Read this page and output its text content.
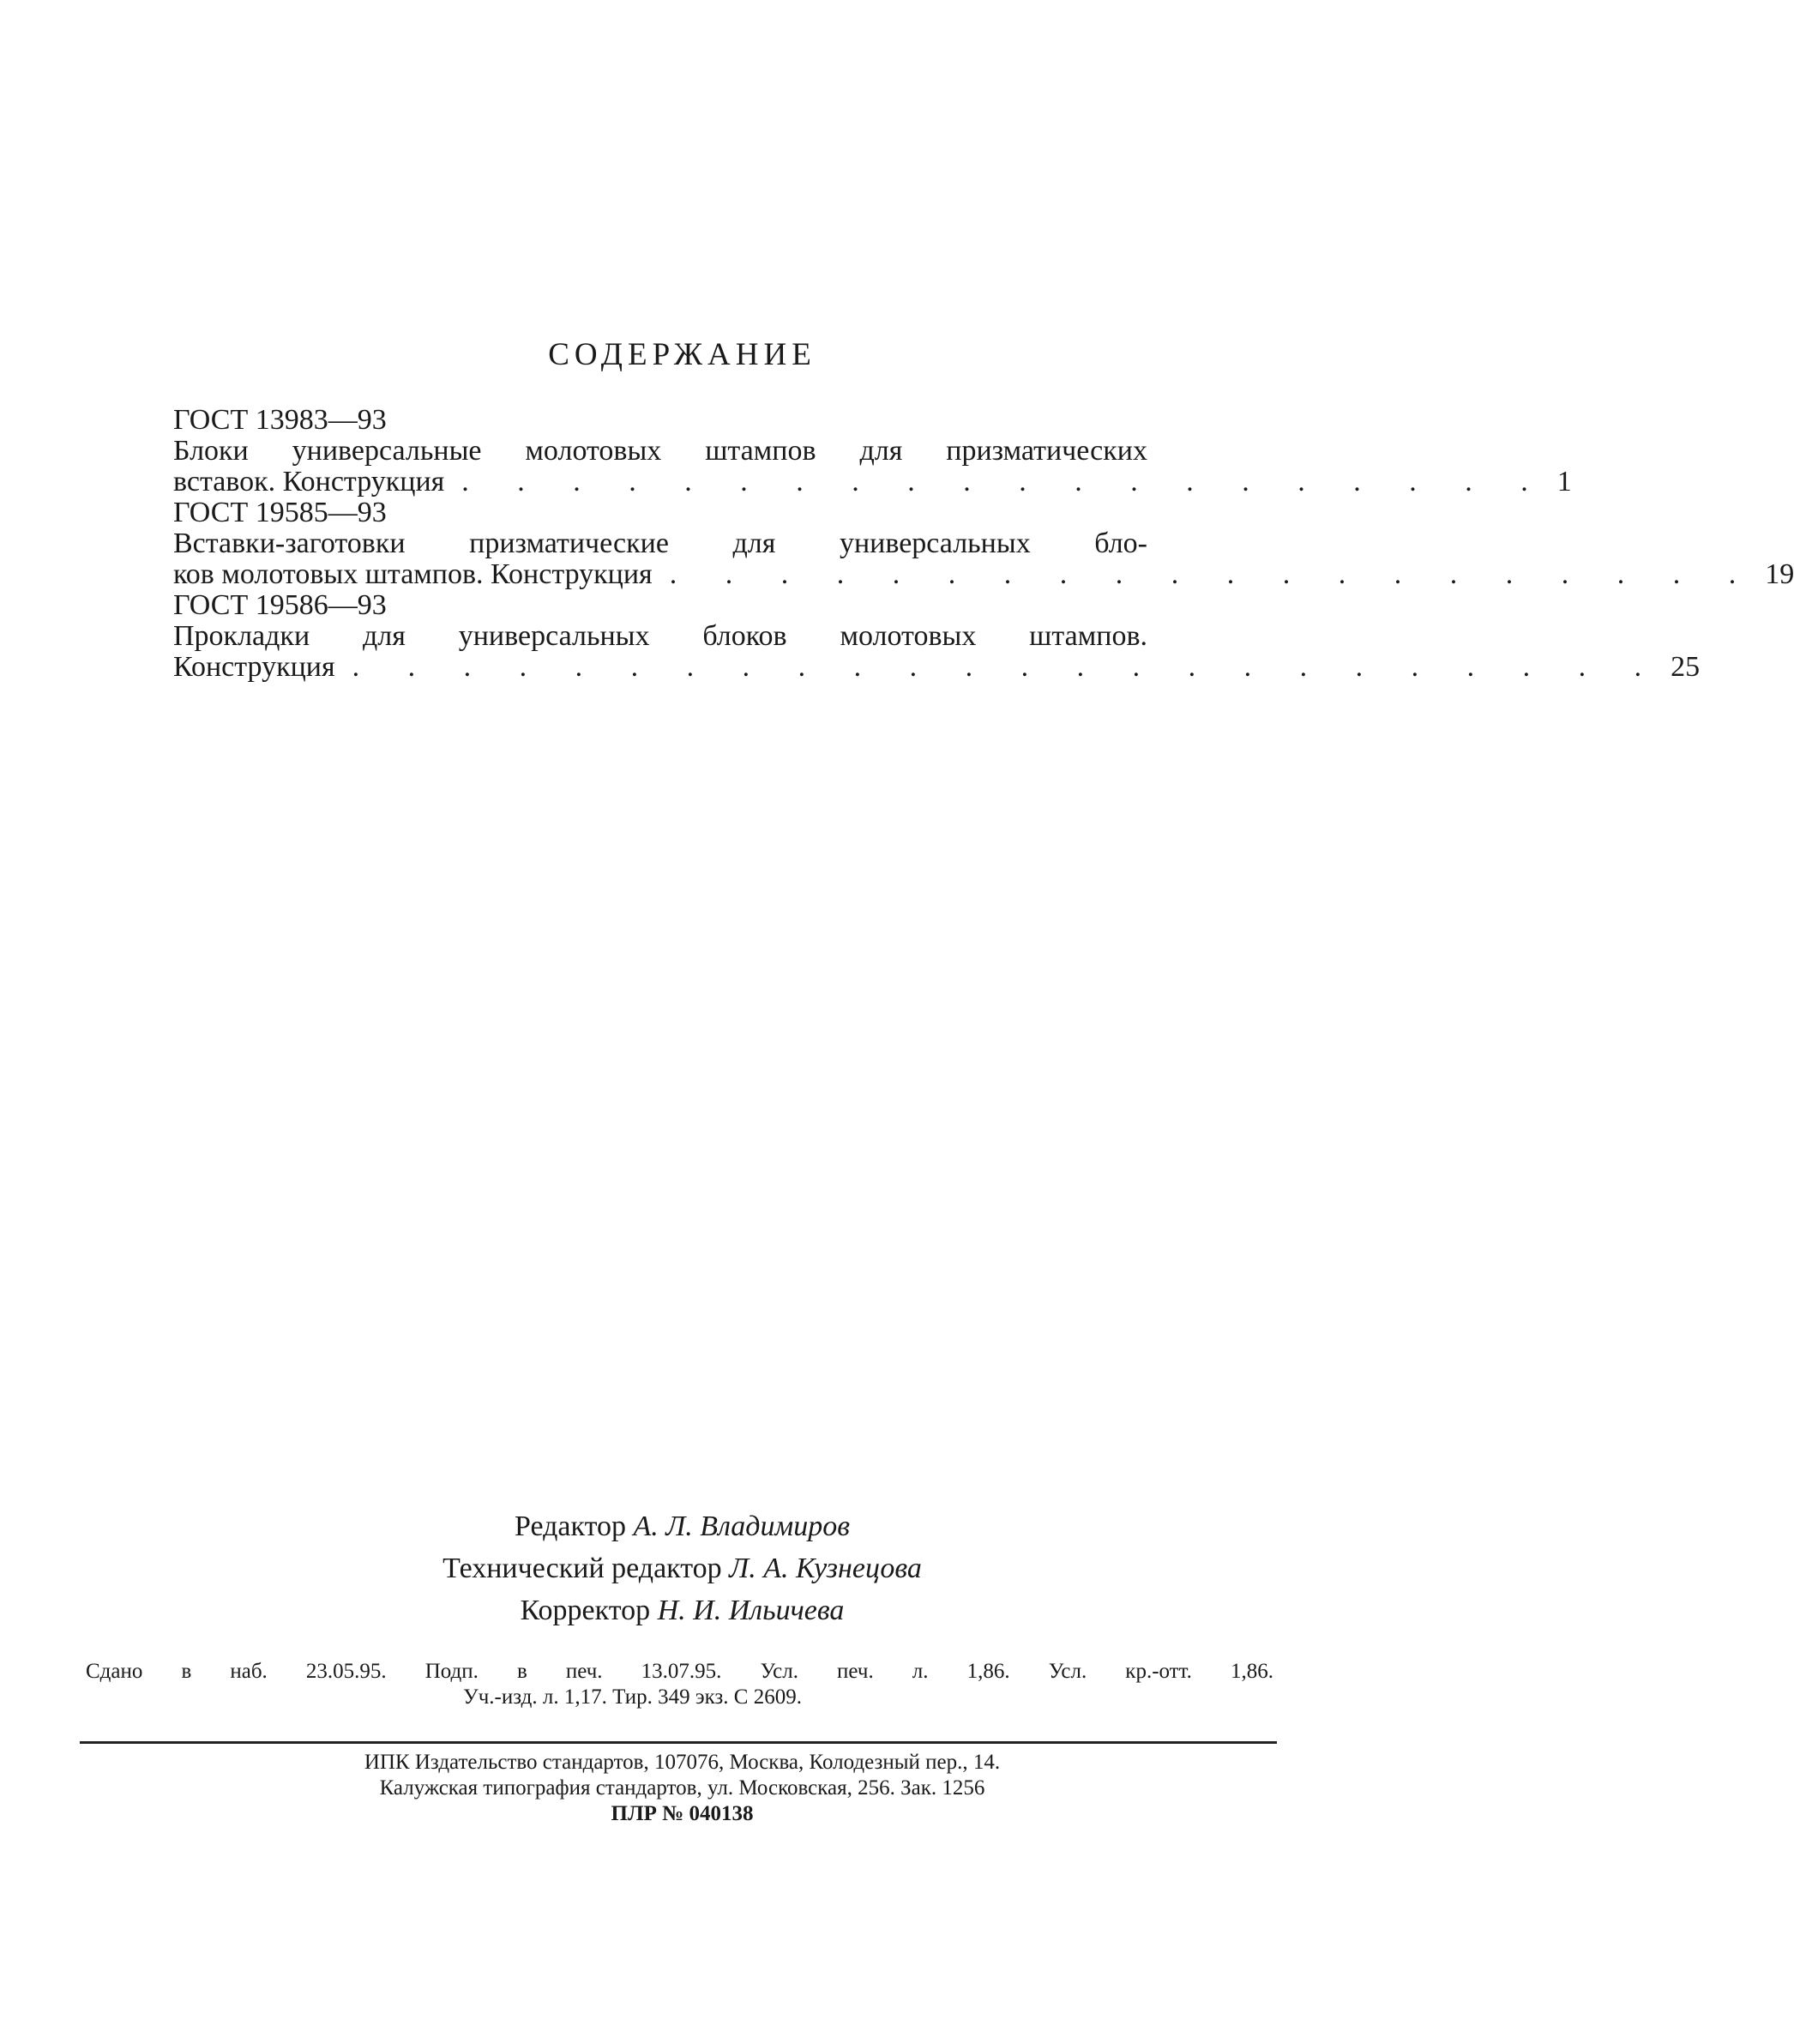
СОДЕРЖАНИЕ
ГОСТ 13983—93
Блоки универсальные молотовых штампов для призматических
вставок. Конструкция . . . . . . . . . . . . . . . . . . . . 1
ГОСТ 19585—93
Вставки-заготовки призматические для универсальных бло-
ков молотовых штампов. Конструкция . . . . . . . . . . . . . . . . . . . . 19
ГОСТ 19586—93
Прокладки для универсальных блоков молотовых штампов.
Конструкция . . . . . . . . . . . . . . . . . . . . . . . . 25
Редактор А. Л. Владимиров
Технический редактор Л. А. Кузнецова
Корректор Н. И. Ильичева
Сдано в наб. 23.05.95. Подп. в печ. 13.07.95. Усл. печ. л. 1,86. Усл. кр.-отт. 1,86.
Уч.-изд. л. 1,17. Тир. 349 экз. С 2609.
ИПК Издательство стандартов, 107076, Москва, Колодезный пер., 14.
Калужская типография стандартов, ул. Московская, 256. Зак. 1256
ПЛР № 040138
